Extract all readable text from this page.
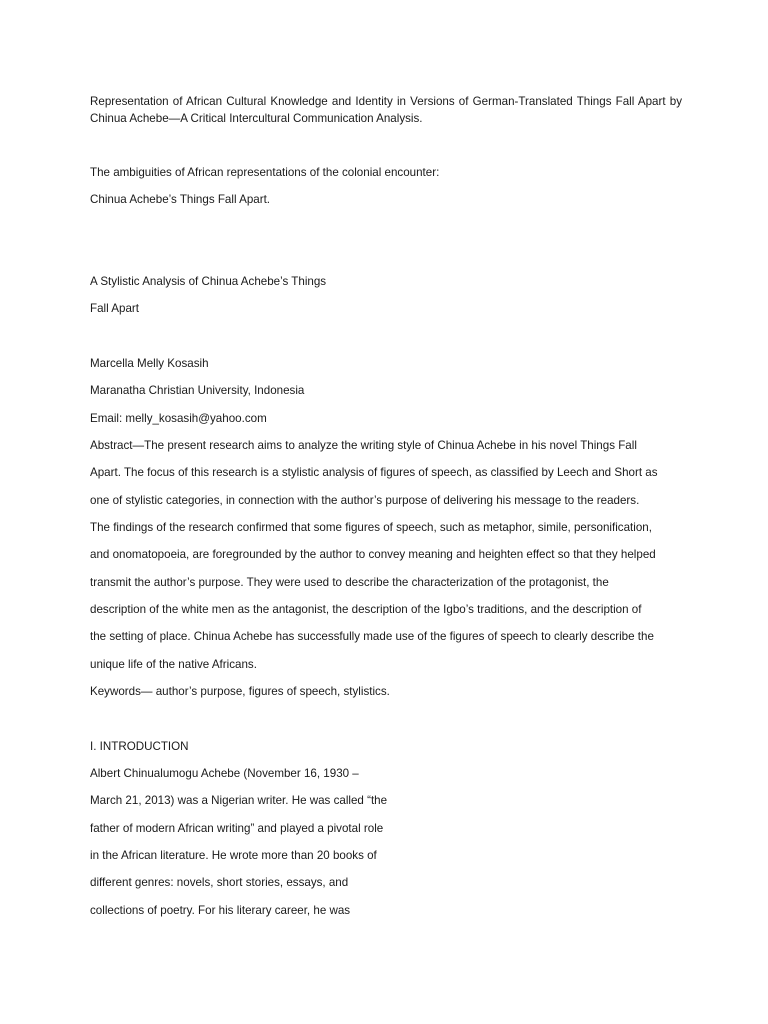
Representation of African Cultural Knowledge and Identity in Versions of German-Translated Things Fall Apart by Chinua Achebe—A Critical Intercultural Communication Analysis.

The ambiguities of African representations of the colonial encounter:

Chinua Achebe’s Things Fall Apart.

A Stylistic Analysis of Chinua Achebe’s Things

Fall Apart

Marcella Melly Kosasih

Maranatha Christian University, Indonesia

Email: melly_kosasih@yahoo.com

Abstract—The present research aims to analyze the writing style of Chinua Achebe in his novel Things Fall

Apart. The focus of this research is a stylistic analysis of figures of speech, as classified by Leech and Short as

one of stylistic categories, in connection with the author’s purpose of delivering his message to the readers.

The findings of the research confirmed that some figures of speech, such as metaphor, simile, personification,

and onomatopoeia, are foregrounded by the author to convey meaning and heighten effect so that they helped

transmit the author’s purpose. They were used to describe the characterization of the protagonist, the

description of the white men as the antagonist, the description of the Igbo’s traditions, and the description of

the setting of place. Chinua Achebe has successfully made use of the figures of speech to clearly describe the

unique life of the native Africans.

Keywords— author’s purpose, figures of speech, stylistics.

I. INTRODUCTION

Albert Chinualumogu Achebe (November 16, 1930 –

March 21, 2013) was a Nigerian writer. He was called “the

father of modern African writing” and played a pivotal role

in the African literature. He wrote more than 20 books of

different genres: novels, short stories, essays, and

collections of poetry. For his literary career, he was
